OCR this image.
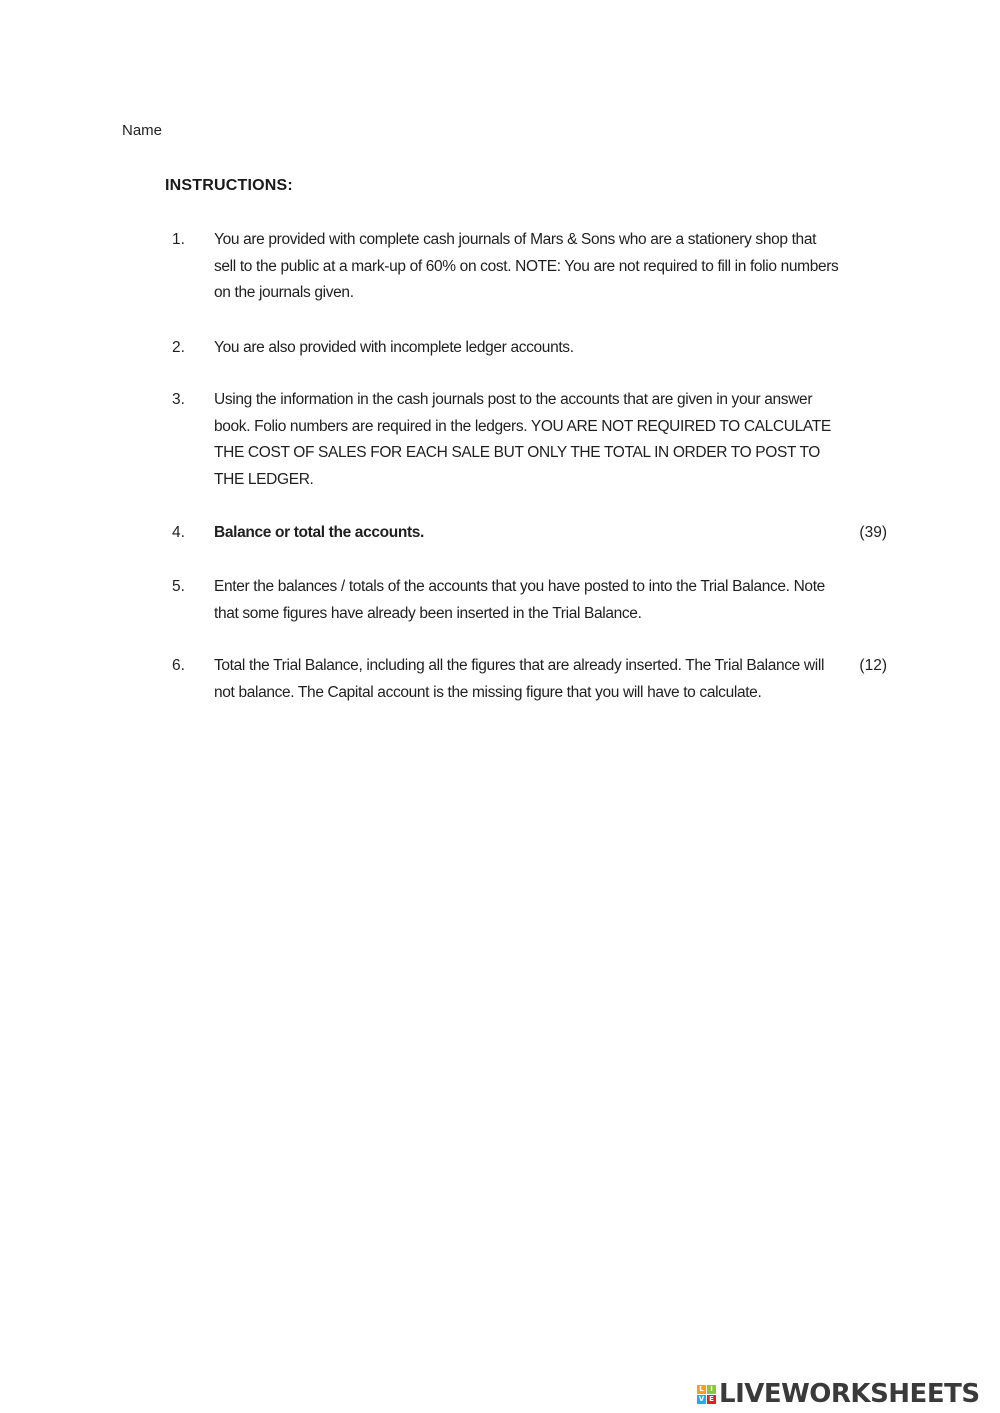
Name
INSTRUCTIONS:
1.	You are provided with complete cash journals of Mars & Sons who are a stationery shop that sell to the public at a mark-up of 60% on cost. NOTE: You are not required to fill in folio numbers on the journals given.
2.	You are also provided with incomplete ledger accounts.
3.	Using the information in the cash journals post to the accounts that are given in your answer book. Folio numbers are required in the ledgers. YOU ARE NOT REQUIRED TO CALCULATE THE COST OF SALES FOR EACH SALE BUT ONLY THE TOTAL IN ORDER TO POST TO THE LEDGER.
4.	Balance or total the accounts.	(39)
5.	Enter the balances / totals of the accounts that you have posted to into the Trial Balance. Note that some figures have already been inserted in the Trial Balance.
6.	Total the Trial Balance, including all the figures that are already inserted. The Trial Balance will not balance. The Capital account is the missing figure that you will have to calculate.
(12)
L I
V E LIVEWORKSHEETS
